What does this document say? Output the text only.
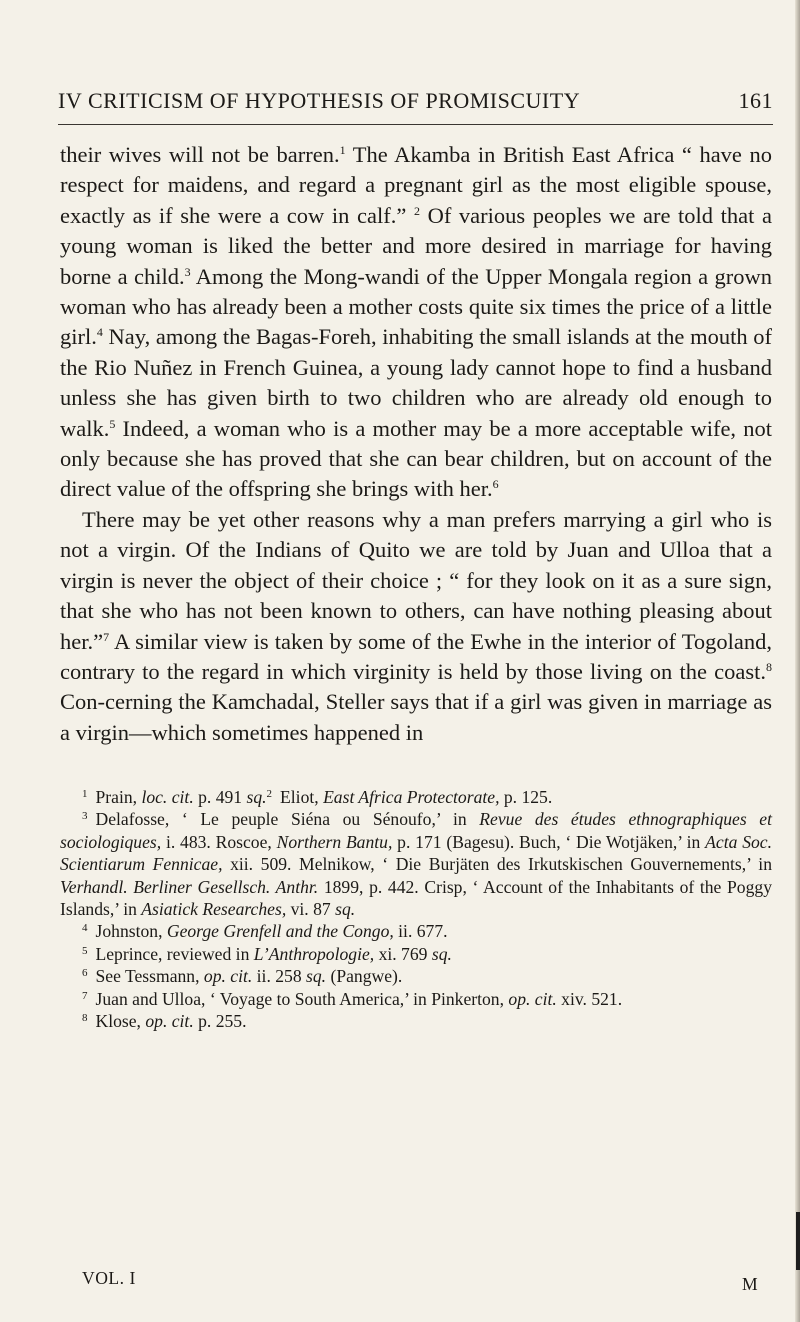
IV CRITICISM OF HYPOTHESIS OF PROMISCUITY	161

their wives will not be barren.$^1$ The Akamba in British East Africa “ have no respect for maidens, and regard a pregnant girl as the most eligible spouse, exactly as if she were a cow in calf.” $^2$ Of various peoples we are told that a young woman is liked the better and more desired in marriage for having borne a child.$^3$ Among the Mong-wandi of the Upper Mongala region a grown woman who has already been a mother costs quite six times the price of a little girl.$^4$ Nay, among the Bagas-Foreh, inhabiting the small islands at the mouth of the Rio Nuñez in French Guinea, a young lady cannot hope to find a husband unless she has given birth to two children who are already old enough to walk.$^5$ Indeed, a woman who is a mother may be a more acceptable wife, not only because she has proved that she can bear children, but on account of the direct value of the offspring she brings with her.$^6$

There may be yet other reasons why a man prefers marrying a girl who is not a virgin. Of the Indians of Quito we are told by Juan and Ulloa that a virgin is never the object of their choice ; “ for they look on it as a sure sign, that she who has not been known to others, can have nothing pleasing about her.”$^7$ A similar view is taken by some of the Ewhe in the interior of Togoland, contrary to the regard in which virginity is held by those living on the coast.$^8$ Con-cerning the Kamchadal, Steller says that if a girl was given in marriage as a virgin—which sometimes happened in

$^1$ Prain, loc. cit. p. 491 sq.$^2$ Eliot, East Africa Protectorate, p. 125.

$^3$ Delafosse, ‘ Le peuple Siéna ou Sénoufo,’ in Revue des études ethnographiques et sociologiques, i. 483. Roscoe, Northern Bantu, p. 171 (Bagesu). Buch, ‘ Die Wotjäken,’ in Acta Soc. Scientiarum Fennicae, xii. 509. Melnikow, ‘ Die Burjäten des Irkutskischen Gouvernements,’ in Verhandl. Berliner Gesellsch. Anthr. 1899, p. 442. Crisp, ‘ Account of the Inhabitants of the Poggy Islands,’ in Asiatick Researches, vi. 87 sq.

$^4$ Johnston, George Grenfell and the Congo, ii. 677.

$^5$ Leprince, reviewed in L’Anthropologie, xi. 769 sq.

$^6$ See Tessmann, op. cit. ii. 258 sq. (Pangwe).

$^7$ Juan and Ulloa, ‘ Voyage to South America,’ in Pinkerton, op. cit. xiv. 521.

$^8$ Klose, op. cit. p. 255.

VOL. I	M
